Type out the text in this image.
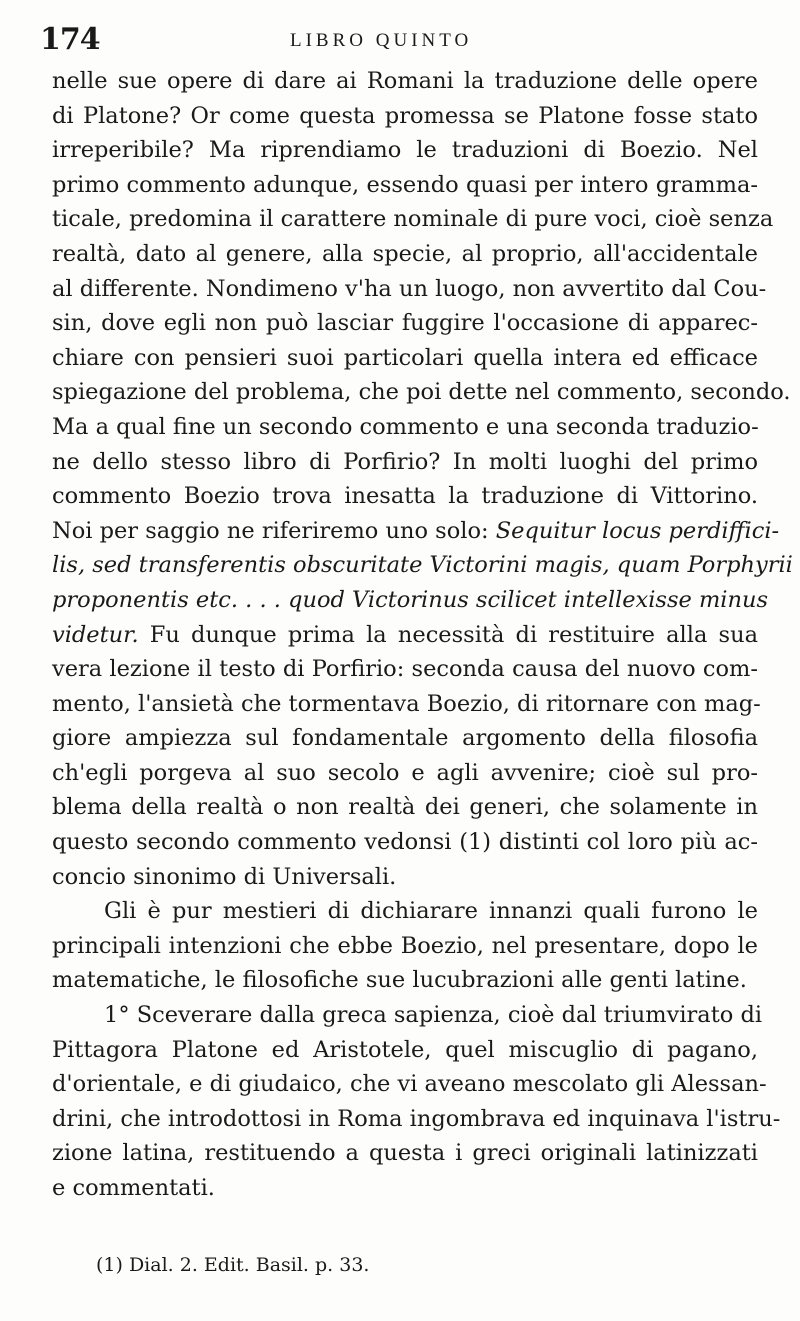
174	LIBRO QUINTO
nelle sue opere di dare ai Romani la traduzione delle opere
di Platone? Or come questa promessa se Platone fosse stato
irreperibile? Ma riprendiamo le traduzioni di Boezio. Nel
primo commento adunque, essendo quasi per intero gramma-
ticale, predomina il carattere nominale di pure voci, cioè senza
realtà, dato al genere, alla specie, al proprio, all'accidentale
al differente. Nondimeno v'ha un luogo, non avvertito dal Cou-
sin, dove egli non può lasciar fuggire l'occasione di apparec-
chiare con pensieri suoi particolari quella intera ed efficace
spiegazione del problema, che poi dette nel commento, secondo.
Ma a qual fine un secondo commento e una seconda traduzio-
ne dello stesso libro di Porfirio? In molti luoghi del primo
commento Boezio trova inesatta la traduzione di Vittorino.
Noi per saggio ne riferiremo uno solo: Sequitur locus perdiffici-
lis, sed transferentis obscuritate Victorini magis, quam Porphyrii
proponentis etc. . . . quod Victorinus scilicet intellexisse minus
videtur. Fu dunque prima la necessità di restituire alla sua
vera lezione il testo di Porfirio: seconda causa del nuovo com-
mento, l'ansietà che tormentava Boezio, di ritornare con mag-
giore ampiezza sul fondamentale argomento della filosofia
ch'egli porgeva al suo secolo e agli avvenire; cioè sul pro-
blema della realtà o non realtà dei generi, che solamente in
questo secondo commento vedonsi (1) distinti col loro più ac-
concio sinonimo di Universali.
Gli è pur mestieri di dichiarare innanzi quali furono le
principali intenzioni che ebbe Boezio, nel presentare, dopo le
matematiche, le filosofiche sue lucubrazioni alle genti latine.
1° Sceverare dalla greca sapienza, cioè dal triumvirato di
Pittagora Platone ed Aristotele, quel miscuglio di pagano,
d'orientale, e di giudaico, che vi aveano mescolato gli Alessan-
drini, che introdottosi in Roma ingombrava ed inquinava l'istru-
zione latina, restituendo a questa i greci originali latinizzati
e commentati.
(1) Dial. 2. Edit. Basil. p. 33.
